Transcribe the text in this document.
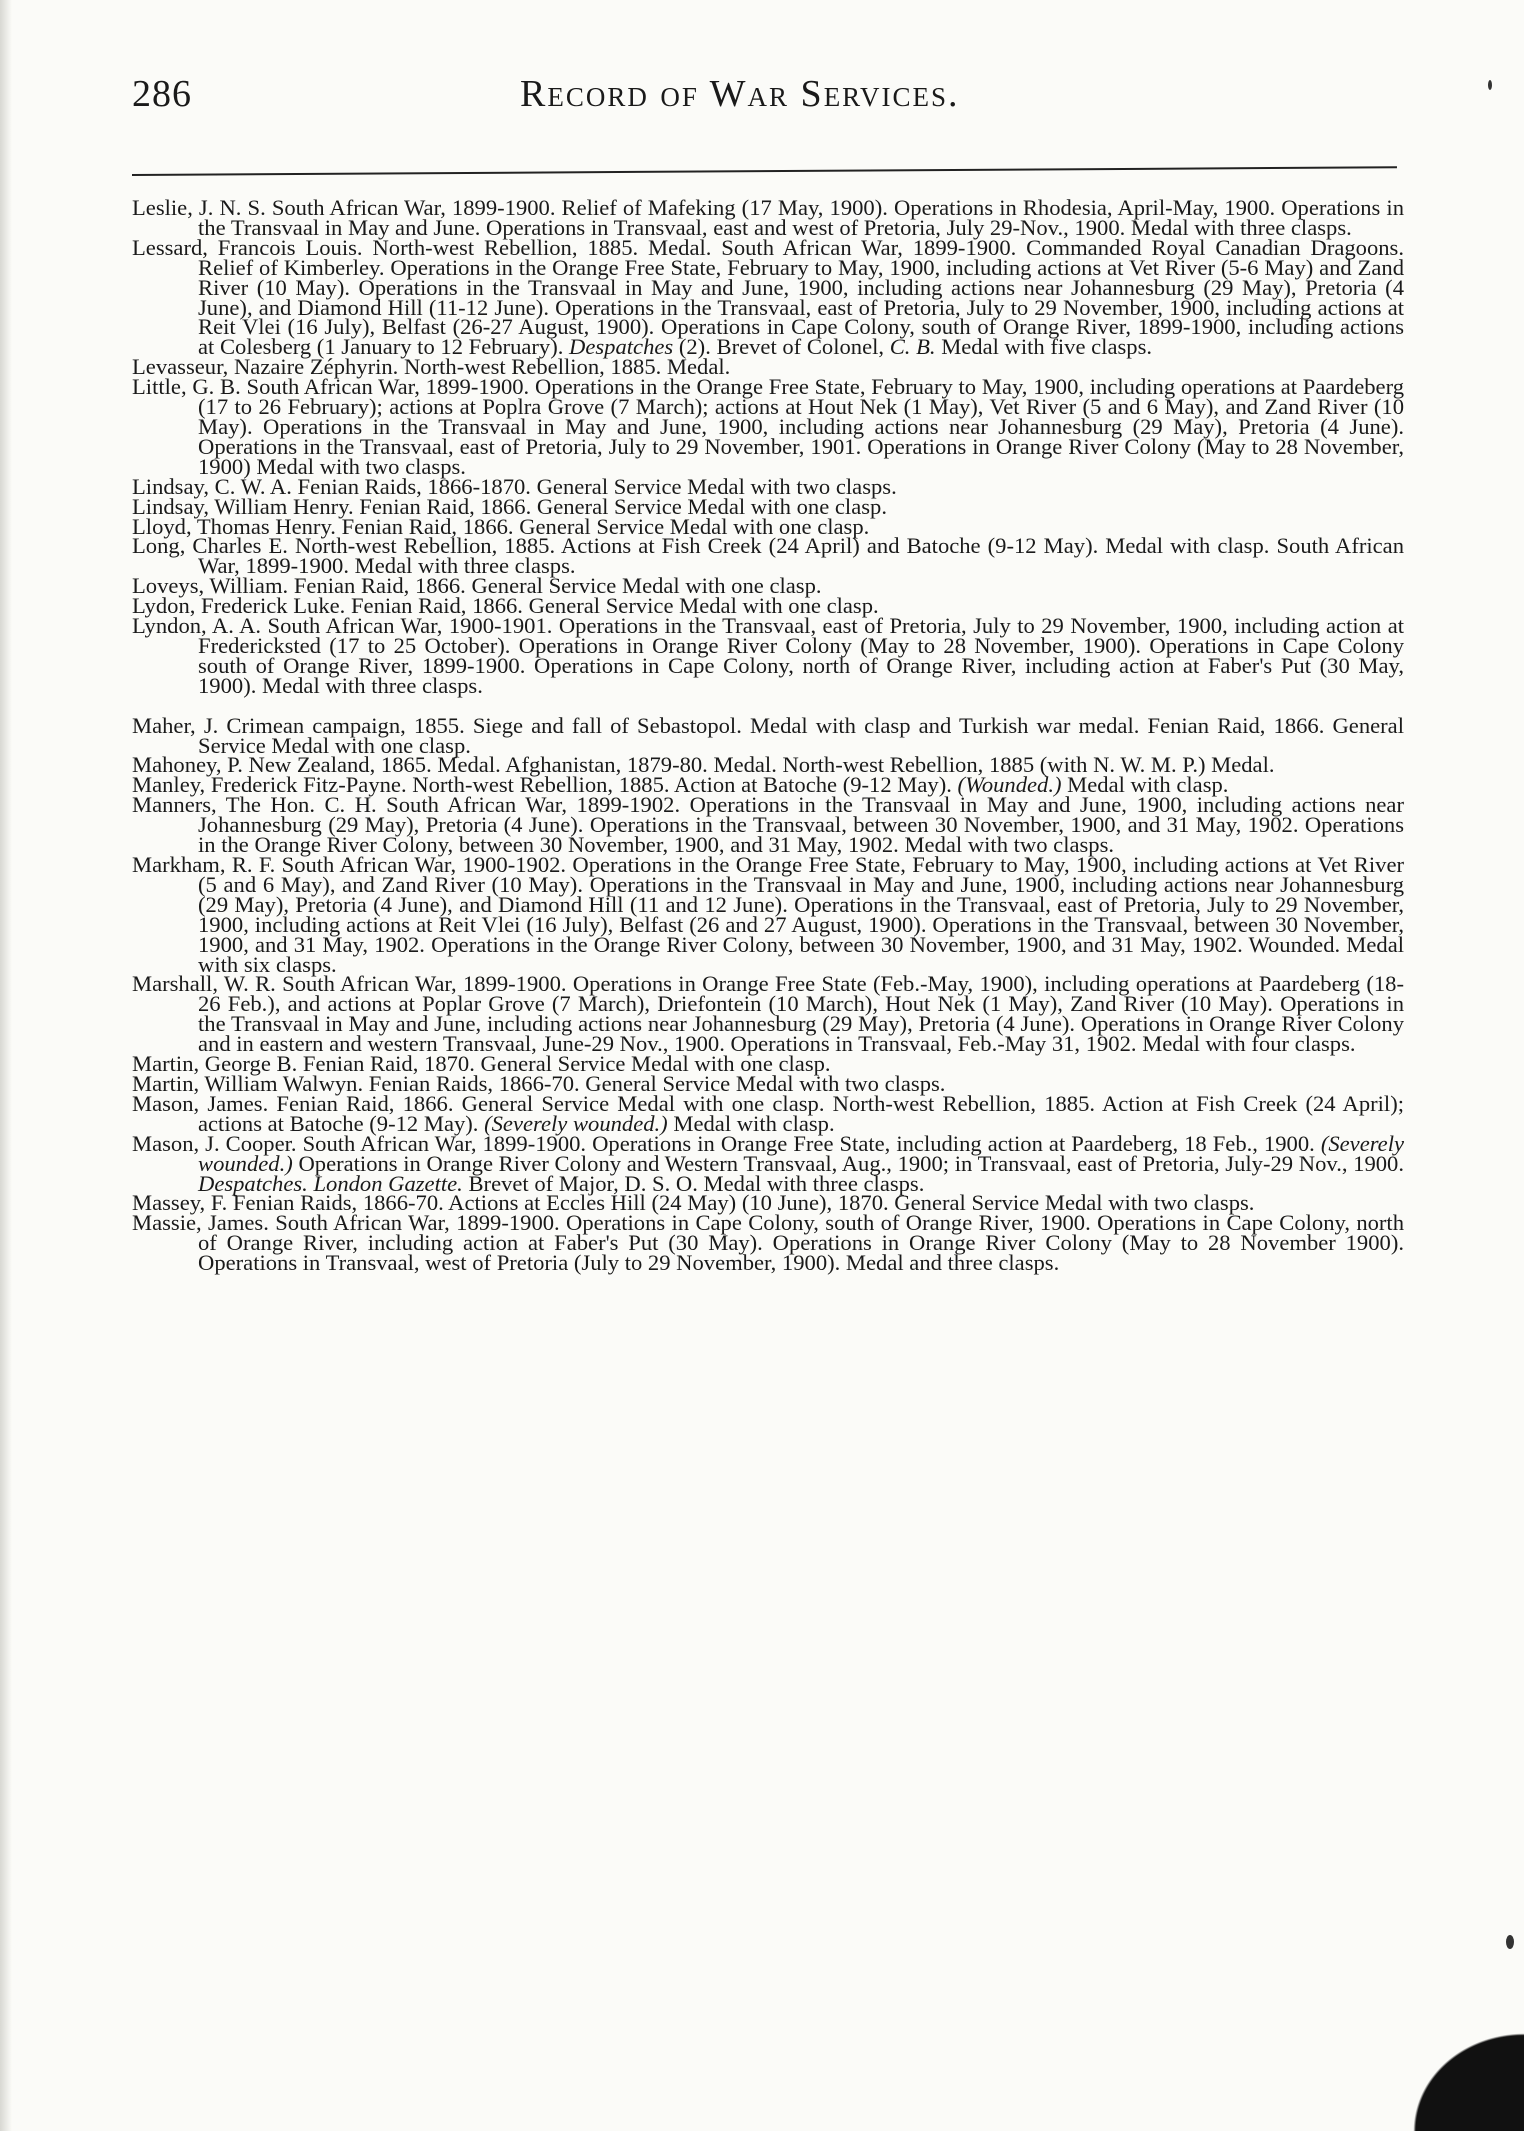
286	Record of War Services.

Leslie, J. N. S. South African War, 1899-1900. Relief of Mafeking (17 May, 1900). Operations in Rhodesia, April-May, 1900. Operations in the Transvaal in May and June. Operations in Transvaal, east and west of Pretoria, July 29-Nov., 1900. Medal with three clasps.

Lessard, Francois Louis. North-west Rebellion, 1885. Medal. South African War, 1899-1900. Commanded Royal Canadian Dragoons. Relief of Kimberley. Operations in the Orange Free State, February to May, 1900, including actions at Vet River (5-6 May) and Zand River (10 May). Operations in the Transvaal in May and June, 1900, including actions near Johannesburg (29 May), Pretoria (4 June), and Diamond Hill (11-12 June). Operations in the Transvaal, east of Pretoria, July to 29 November, 1900, including actions at Reit Vlei (16 July), Belfast (26-27 August, 1900). Operations in Cape Colony, south of Orange River, 1899-1900, including actions at Colesberg (1 January to 12 February). Despatches (2). Brevet of Colonel, C. B. Medal with five clasps.

Levasseur, Nazaire Zéphyrin. North-west Rebellion, 1885. Medal.

Little, G. B. South African War, 1899-1900. Operations in the Orange Free State, February to May, 1900, including operations at Paardeberg (17 to 26 February); actions at Poplra Grove (7 March); actions at Hout Nek (1 May), Vet River (5 and 6 May), and Zand River (10 May). Operations in the Transvaal in May and June, 1900, including actions near Johannesburg (29 May), Pretoria (4 June). Operations in the Transvaal, east of Pretoria, July to 29 November, 1901. Operations in Orange River Colony (May to 28 November, 1900) Medal with two clasps.

Lindsay, C. W. A. Fenian Raids, 1866-1870. General Service Medal with two clasps.

Lindsay, William Henry. Fenian Raid, 1866. General Service Medal with one clasp.

Lloyd, Thomas Henry. Fenian Raid, 1866. General Service Medal with one clasp.

Long, Charles E. North-west Rebellion, 1885. Actions at Fish Creek (24 April) and Batoche (9-12 May). Medal with clasp. South African War, 1899-1900. Medal with three clasps.

Loveys, William. Fenian Raid, 1866. General Service Medal with one clasp.

Lydon, Frederick Luke. Fenian Raid, 1866. General Service Medal with one clasp.

Lyndon, A. A. South African War, 1900-1901. Operations in the Transvaal, east of Pretoria, July to 29 November, 1900, including action at Fredericksted (17 to 25 October). Operations in Orange River Colony (May to 28 November, 1900). Operations in Cape Colony south of Orange River, 1899-1900. Operations in Cape Colony, north of Orange River, including action at Faber's Put (30 May, 1900). Medal with three clasps.

Maher, J. Crimean campaign, 1855. Siege and fall of Sebastopol. Medal with clasp and Turkish war medal. Fenian Raid, 1866. General Service Medal with one clasp.

Mahoney, P. New Zealand, 1865. Medal. Afghanistan, 1879-80. Medal. North-west Rebellion, 1885 (with N. W. M. P.) Medal.

Manley, Frederick Fitz-Payne. North-west Rebellion, 1885. Action at Batoche (9-12 May). (Wounded.) Medal with clasp.

Manners, The Hon. C. H. South African War, 1899-1902. Operations in the Transvaal in May and June, 1900, including actions near Johannesburg (29 May), Pretoria (4 June). Operations in the Transvaal, between 30 November, 1900, and 31 May, 1902. Operations in the Orange River Colony, between 30 November, 1900, and 31 May, 1902. Medal with two clasps.

Markham, R. F. South African War, 1900-1902. Operations in the Orange Free State, February to May, 1900, including actions at Vet River (5 and 6 May), and Zand River (10 May). Operations in the Transvaal in May and June, 1900, including actions near Johannesburg (29 May), Pretoria (4 June), and Diamond Hill (11 and 12 June). Operations in the Transvaal, east of Pretoria, July to 29 November, 1900, including actions at Reit Vlei (16 July), Belfast (26 and 27 August, 1900). Operations in the Transvaal, between 30 November, 1900, and 31 May, 1902. Operations in the Orange River Colony, between 30 November, 1900, and 31 May, 1902. Wounded. Medal with six clasps.

Marshall, W. R. South African War, 1899-1900. Operations in Orange Free State (Feb.-May, 1900), including operations at Paardeberg (18-26 Feb.), and actions at Poplar Grove (7 March), Driefontein (10 March), Hout Nek (1 May), Zand River (10 May). Operations in the Transvaal in May and June, including actions near Johannesburg (29 May), Pretoria (4 June). Operations in Orange River Colony and in eastern and western Transvaal, June-29 Nov., 1900. Operations in Transvaal, Feb.-May 31, 1902. Medal with four clasps.

Martin, George B. Fenian Raid, 1870. General Service Medal with one clasp.

Martin, William Walwyn. Fenian Raids, 1866-70. General Service Medal with two clasps.

Mason, James. Fenian Raid, 1866. General Service Medal with one clasp. North-west Rebellion, 1885. Action at Fish Creek (24 April); actions at Batoche (9-12 May). (Severely wounded.) Medal with clasp.

Mason, J. Cooper. South African War, 1899-1900. Operations in Orange Free State, including action at Paardeberg, 18 Feb., 1900. (Severely wounded.) Operations in Orange River Colony and Western Transvaal, Aug., 1900; in Transvaal, east of Pretoria, July-29 Nov., 1900. Despatches. London Gazette. Brevet of Major, D. S. O. Medal with three clasps.

Massey, F. Fenian Raids, 1866-70. Actions at Eccles Hill (24 May) (10 June), 1870. General Service Medal with two clasps.

Massie, James. South African War, 1899-1900. Operations in Cape Colony, south of Orange River, 1900. Operations in Cape Colony, north of Orange River, including action at Faber's Put (30 May). Operations in Orange River Colony (May to 28 November 1900). Operations in Transvaal, west of Pretoria (July to 29 November, 1900). Medal and three clasps.
